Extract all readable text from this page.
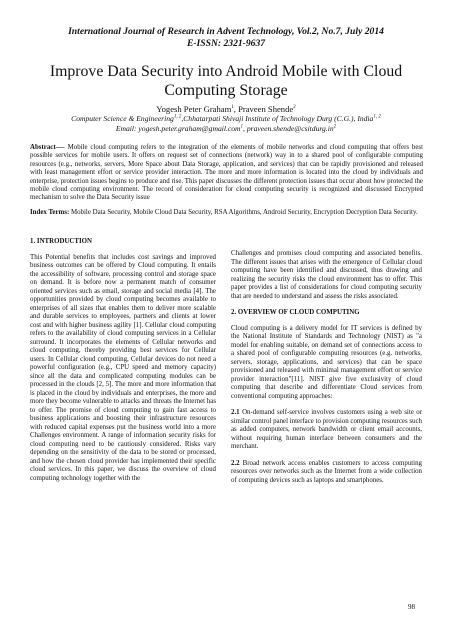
International Journal of Research in Advent Technology, Vol.2, No.7, July 2014
E-ISSN: 2321-9637
Improve Data Security into Android Mobile with Cloud
Computing Storage
Yogesh Peter Graham$^1$, Praveen Shende$^2$
Computer Science & Engineering$^{1, 2}$,Chhatarpati Shivaji Institute of Technology Durg (C.G.), India$^{1, 2}$
Email: yogesh.peter.graham@gmail.com$^1$, $praveen.shende@csitdurg.in^2$
Abstract—- Mobile cloud computing refers to the integration of the elements of mobile networks and cloud computing that offers best possible services for mobile users. It offers on request set of connections (network) way in to a shared pool of configurable computing resources (e.g., networks, servers, More Space about Data Storage, application, and services) that can be rapidly provisioned and released with least management effort or service provider interaction. The more and more information is located into the cloud by individuals and enterprise, protection issues begins to produce and rise. This paper discusses the different protection issues that occur about how protected the mobile cloud computing environment. The record of consideration for cloud computing security is recognized and discussed Encrypted mechanism to solve the Data Security issue
Index Terms: Mobile Data Security, Mobile Cloud Data Security, RSA Algorithms, Android Security, Encryption Decryption Data Security.
1. INTRODUCTION

This Potential benefits that includes cost savings and improved business outcomes can be offered by Cloud computing. It entails the accessibility of software, processing control and storage space on demand. It is before now a permanent match of consumer oriented services such as email, storage and social media [4]. The opportunities provided by cloud computing becomes available to enterprises of all sizes that enables them to deliver more scalable and durable services to employees, partners and clients at lower cost and with higher business agility [1]. Cellular cloud computing refers to the availability of cloud computing services in a Cellular surround. It incorporates the elements of Cellular networks and cloud computing, thereby providing best services for Cellular users. In Cellular cloud computing, Cellular devices do not need a powerful configuration (e.g., CPU speed and memory capacity) since all the data and complicated computing modules can be processed in the clouds [2, 5]. The more and more information that is placed in the cloud by individuals and enterprises, the more and more they become vulnerable to attacks and threats the Internet has to offer. The promise of cloud computing to gain fast access to business applications and boosting their infrastructure resources with reduced capital expenses put the business world into a more Challenges environment. A range of information security risks for cloud computing need to be cautiously considered. Risks vary depending on the sensitivity of the data to be stored or processed, and how the chosen cloud provider has implemented their specific cloud services. In this paper, we discuss the overview of cloud computing technology together with the

Challenges and promises cloud computing and associated benefits. The different issues that arises with the emergence of Cellular cloud computing have been identified and discussed, thus drawing and realizing the security risks the cloud environment has to offer. This paper provides a list of considerations for cloud computing security that are needed to understand and assess the risks associated.

2. OVERVIEW OF CLOUD COMPUTING

Cloud computing is a delivery model for IT services is defined by the National Institute of Standards and Technology (NIST) as "a model for enabling suitable, on demand set of connections access to a shared pool of configurable computing resources (e.g. networks, servers, storage, applications, and services) that can be space provisioned and released with minimal management effort or service provider interaction"[11]. NIST give five exclusivity of cloud computing that describe and differentiate Cloud services from conventional computing approaches:

2.1 On-demand self-service involves customers using a web site or similar control panel interface to provision computing resources such as added computers, network bandwidth or client email accounts, without requiring human interface between consumers and the merchant.

2.2 Broad network access enables customers to access computing resources over networks such as the Internet from a wide collection of computing devices such as laptops and smartphones.

98
